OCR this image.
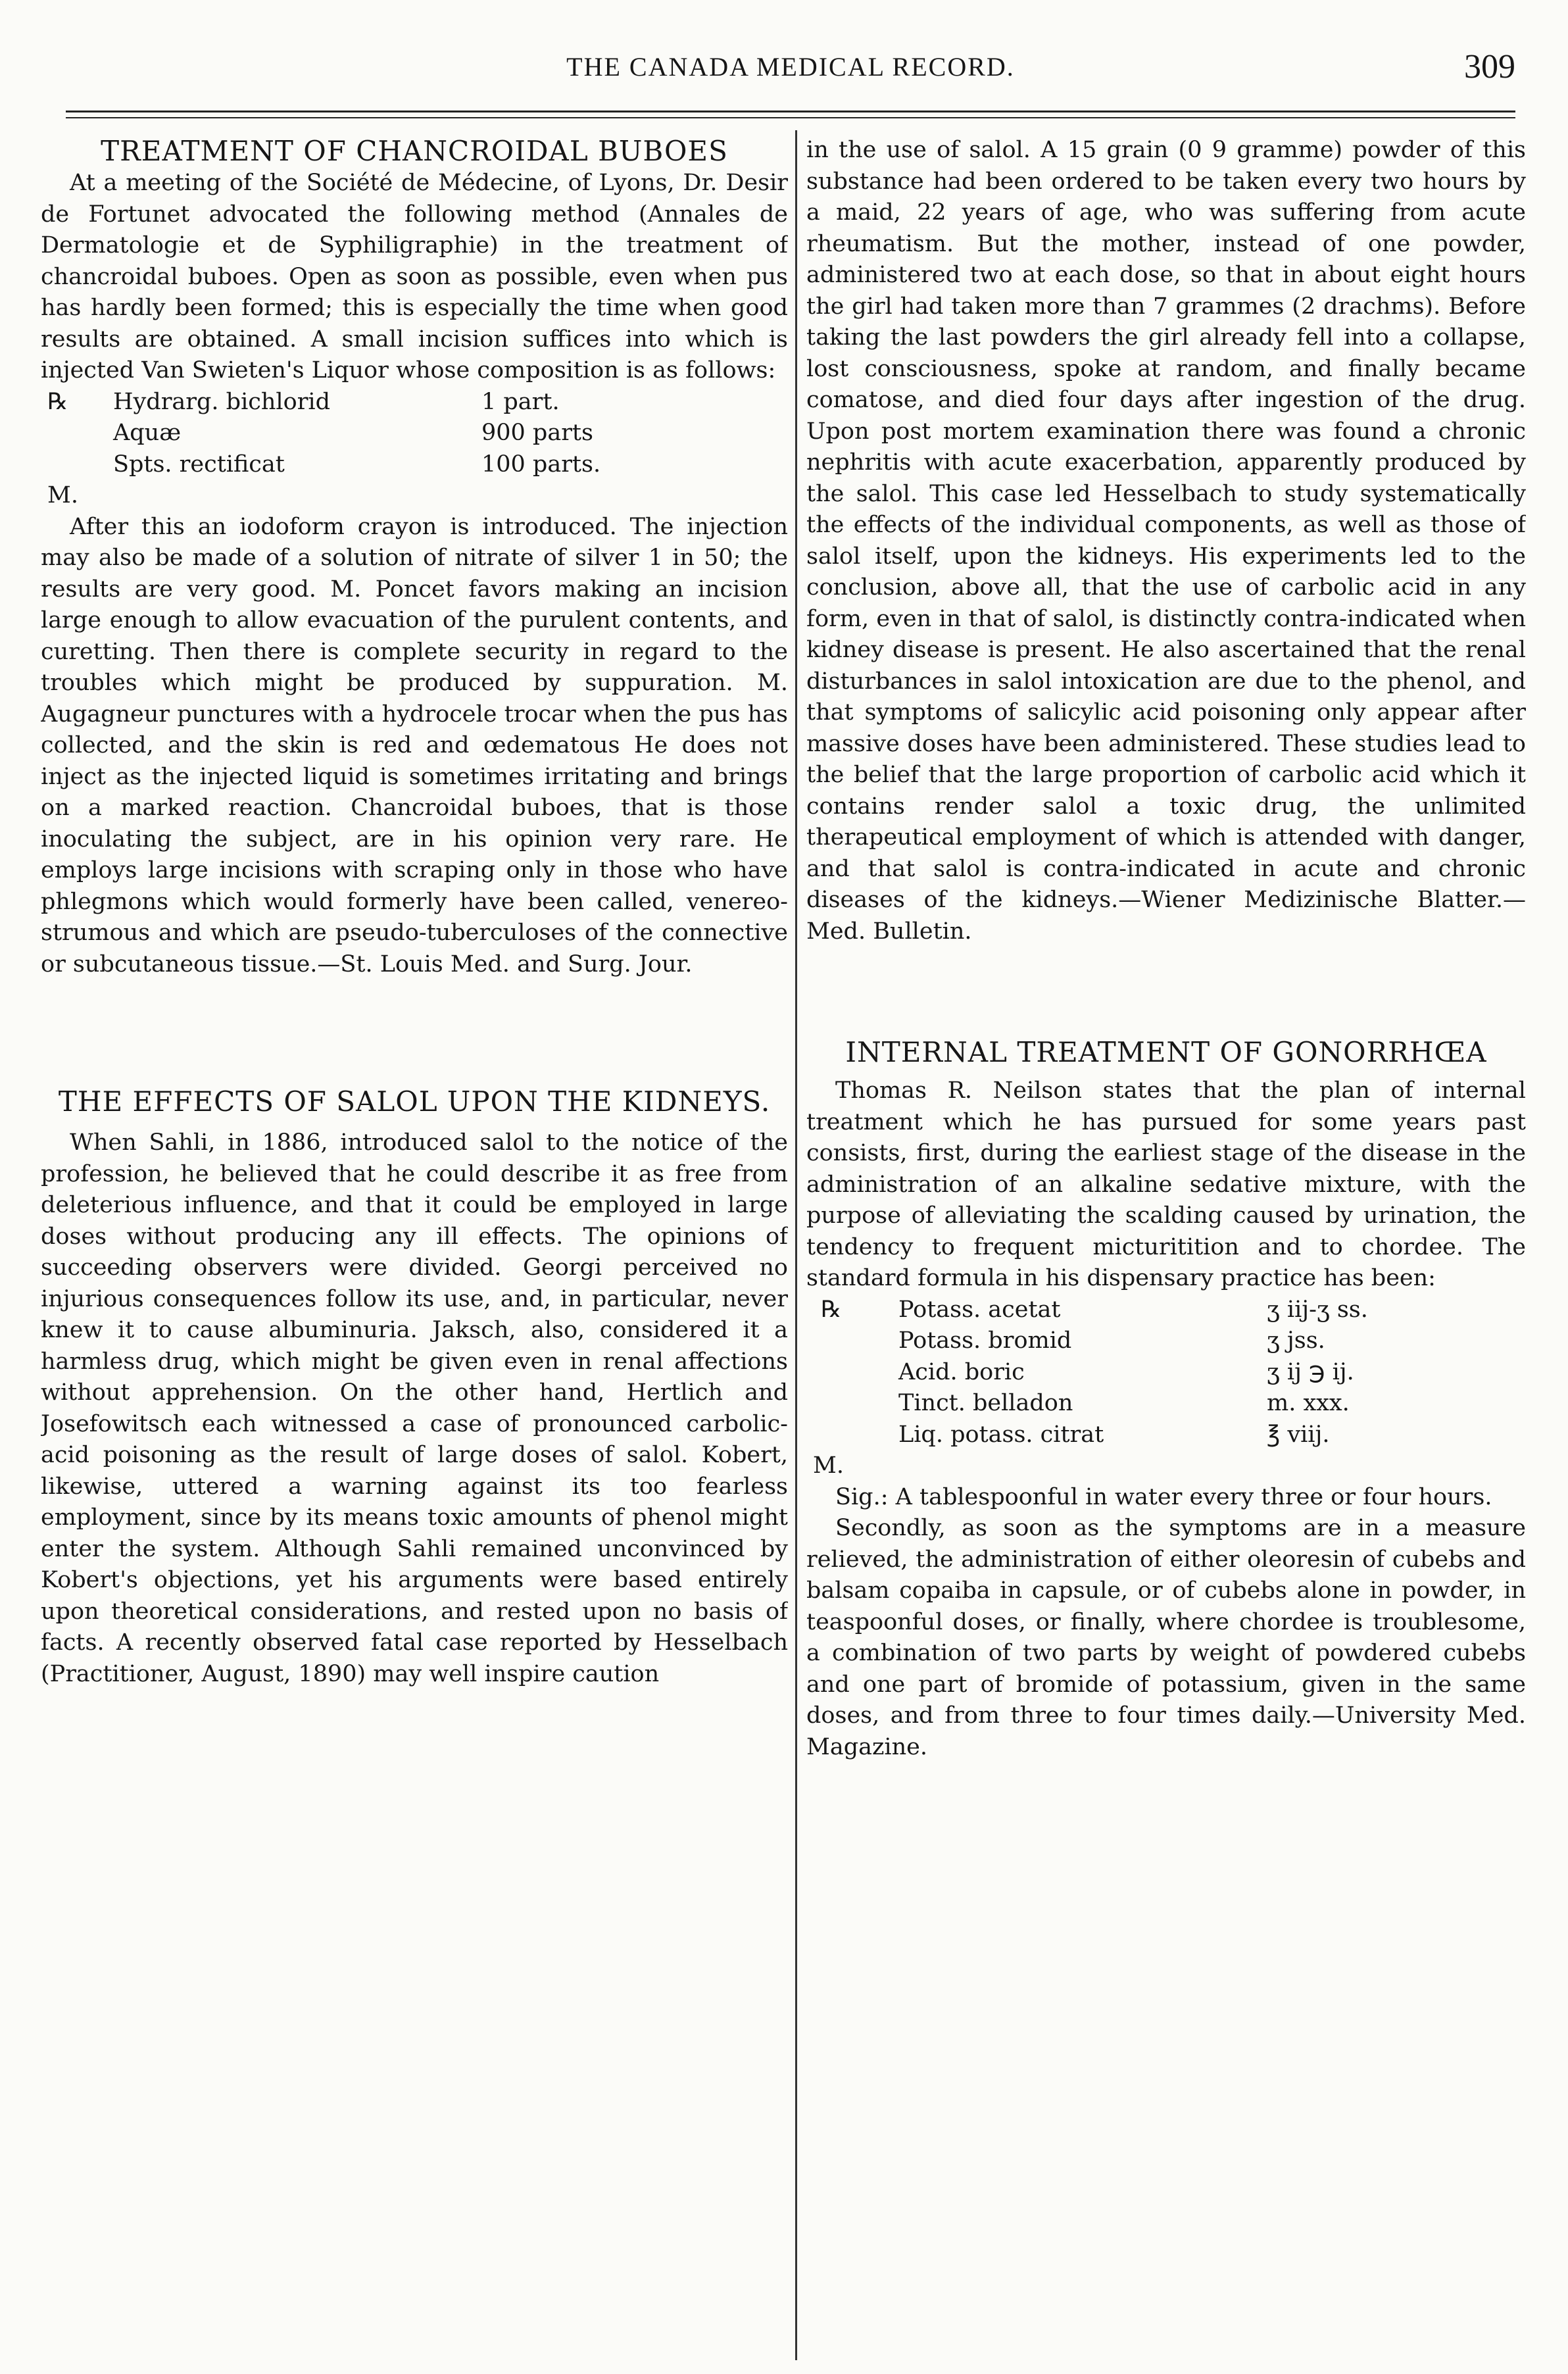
THE CANADA MEDICAL RECORD.	309
TREATMENT OF CHANCROIDAL BUBOES

At a meeting of the Société de Médecine, of Lyons, Dr. Desir de Fortunet advocated the following method (Annales de Dermatologie et de Syphiligraphie) in the treatment of chancroidal buboes. Open as soon as possible, even when pus has hardly been formed; this is especially the time when good results are obtained. A small incision suffices into which is injected Van Swieten's Liquor whose composition is as follows:

℞	Hydrarg. bichlorid	1 part.
Aquæ	900 parts
Spts. rectificat	100 parts.
M.

After this an iodoform crayon is introduced. The injection may also be made of a solution of nitrate of silver 1 in 50; the results are very good. M. Poncet favors making an incision large enough to allow evacuation of the purulent contents, and curetting. Then there is complete security in regard to the troubles which might be produced by suppuration. M. Augagneur punctures with a hydrocele trocar when the pus has collected, and the skin is red and œdematous He does not inject as the injected liquid is sometimes irritating and brings on a marked reaction. Chancroidal buboes, that is those inoculating the subject, are in his opinion very rare. He employs large incisions with scraping only in those who have phlegmons which would formerly have been called, venereo-strumous and which are pseudo-tuberculoses of the connective or subcutaneous tissue.—St. Louis Med. and Surg. Jour.

THE EFFECTS OF SALOL UPON THE KIDNEYS.

When Sahli, in 1886, introduced salol to the notice of the profession, he believed that he could describe it as free from deleterious influence, and that it could be employed in large doses without producing any ill effects. The opinions of succeeding observers were divided. Georgi perceived no injurious consequences follow its use, and, in particular, never knew it to cause albuminuria. Jaksch, also, considered it a harmless drug, which might be given even in renal affections without apprehension. On the other hand, Hertlich and Josefowitsch each witnessed a case of pronounced carbolic-acid poisoning as the result of large doses of salol. Kobert, likewise, uttered a warning against its too fearless employment, since by its means toxic amounts of phenol might enter the system. Although Sahli remained unconvinced by Kobert's objections, yet his arguments were based entirely upon theoretical considerations, and rested upon no basis of facts. A recently observed fatal case reported by Hesselbach (Practitioner, August, 1890) may well inspire caution

in the use of salol. A 15 grain (0 9 gramme) powder of this substance had been ordered to be taken every two hours by a maid, 22 years of age, who was suffering from acute rheumatism. But the mother, instead of one powder, administered two at each dose, so that in about eight hours the girl had taken more than 7 grammes (2 drachms). Before taking the last powders the girl already fell into a collapse, lost consciousness, spoke at random, and finally became comatose, and died four days after ingestion of the drug. Upon post mortem examination there was found a chronic nephritis with acute exacerbation, apparently produced by the salol. This case led Hesselbach to study systematically the effects of the individual components, as well as those of salol itself, upon the kidneys. His experiments led to the conclusion, above all, that the use of carbolic acid in any form, even in that of salol, is distinctly contra-indicated when kidney disease is present. He also ascertained that the renal disturbances in salol intoxication are due to the phenol, and that symptoms of salicylic acid poisoning only appear after massive doses have been administered. These studies lead to the belief that the large proportion of carbolic acid which it contains render salol a toxic drug, the unlimited therapeutical employment of which is attended with danger, and that salol is contra-indicated in acute and chronic diseases of the kidneys.—Wiener Medizinische Blatter.—Med. Bulletin.

INTERNAL TREATMENT OF GONORRHŒA

Thomas R. Neilson states that the plan of internal treatment which he has pursued for some years past consists, first, during the earliest stage of the disease in the administration of an alkaline sedative mixture, with the purpose of alleviating the scalding caused by urination, the tendency to frequent micturitition and to chordee. The standard formula in his dispensary practice has been:

℞	Potass. acetat	ʒ iij-ʒ ss.
Potass. bromid	ʒ jss.
Acid. boric	ʒ ij ℈ ij.
Tinct. belladon	m. xxx.
Liq. potass. citrat	℥ viij.
M.

Sig.: A tablespoonful in water every three or four hours.

Secondly, as soon as the symptoms are in a measure relieved, the administration of either oleoresin of cubebs and balsam copaiba in capsule, or of cubebs alone in powder, in teaspoonful doses, or finally, where chordee is troublesome, a combination of two parts by weight of powdered cubebs and one part of bromide of potassium, given in the same doses, and from three to four times daily.—University Med. Magazine.
